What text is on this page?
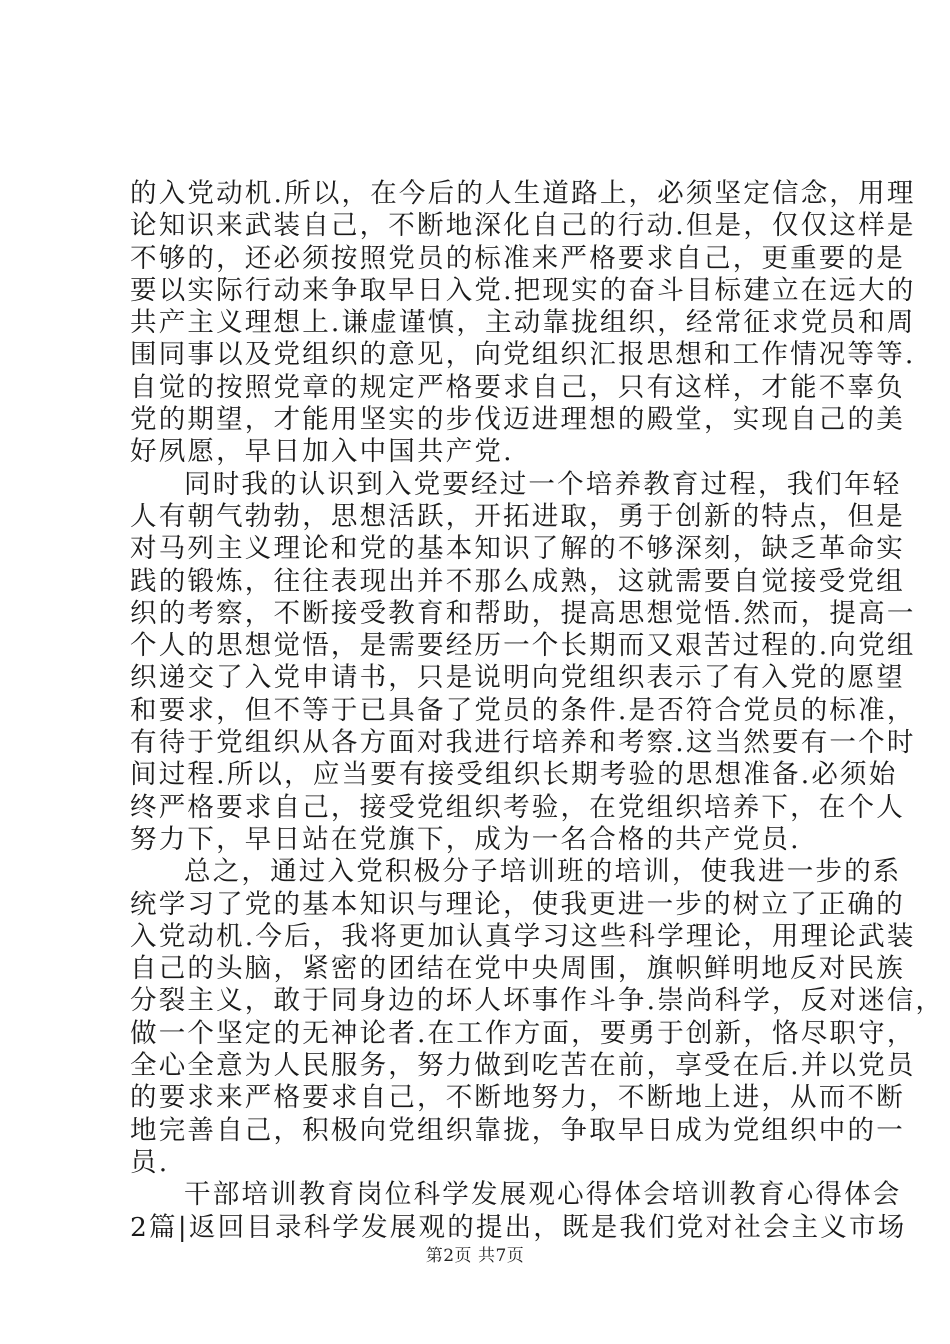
的入党动机.所以，在今后的人生道路上，必须坚定信念，用理
论知识来武装自己，不断地深化自己的行动.但是，仅仅这样是
不够的，还必须按照党员的标准来严格要求自己，更重要的是
要以实际行动来争取早日入党.把现实的奋斗目标建立在远大的
共产主义理想上.谦虚谨慎，主动靠拢组织，经常征求党员和周
围同事以及党组织的意见，向党组织汇报思想和工作情况等等.
自觉的按照党章的规定严格要求自己，只有这样，才能不辜负
党的期望，才能用坚实的步伐迈进理想的殿堂，实现自己的美
好夙愿，早日加入中国共产党.
同时我的认识到入党要经过一个培养教育过程，我们年轻
人有朝气勃勃，思想活跃，开拓进取，勇于创新的特点，但是
对马列主义理论和党的基本知识了解的不够深刻，缺乏革命实
践的锻炼，往往表现出并不那么成熟，这就需要自觉接受党组
织的考察，不断接受教育和帮助，提高思想觉悟.然而，提高一
个人的思想觉悟，是需要经历一个长期而又艰苦过程的.向党组
织递交了入党申请书，只是说明向党组织表示了有入党的愿望
和要求，但不等于已具备了党员的条件.是否符合党员的标准，
有待于党组织从各方面对我进行培养和考察.这当然要有一个时
间过程.所以，应当要有接受组织长期考验的思想准备.必须始
终严格要求自己，接受党组织考验，在党组织培养下，在个人
努力下，早日站在党旗下，成为一名合格的共产党员.
总之，通过入党积极分子培训班的培训，使我进一步的系
统学习了党的基本知识与理论，使我更进一步的树立了正确的
入党动机.今后，我将更加认真学习这些科学理论，用理论武装
自己的头脑，紧密的团结在党中央周围，旗帜鲜明地反对民族
分裂主义，敢于同身边的坏人坏事作斗争.崇尚科学，反对迷信，
做一个坚定的无神论者.在工作方面，要勇于创新，恪尽职守，
全心全意为人民服务，努力做到吃苦在前，享受在后.并以党员
的要求来严格要求自己，不断地努力，不断地上进，从而不断
地完善自己，积极向党组织靠拢，争取早日成为党组织中的一
员.
干部培训教育岗位科学发展观心得体会培训教育心得体会
2篇|返回目录科学发展观的提出，既是我们党对社会主义市场
第2页 共7页
